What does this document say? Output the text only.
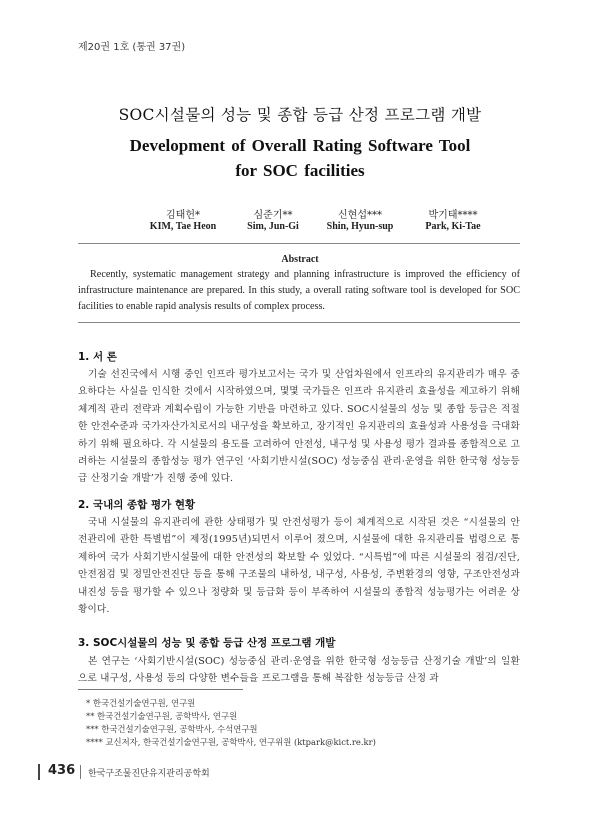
제20권 1호 (통권 37권)
SOC시설물의 성능 및 종합 등급 산정 프로그램 개발
Development of Overall Rating Software Tool
for SOC facilities
김태헌*
KIM, Tae Heon
심준기**
Sim, Jun-Gi
신현섭***
Shin, Hyun-sup
박기태****
Park, Ki-Tae
Abstract

Recently, systematic management strategy and planning infrastructure is improved the efficiency of infrastructure maintenance are prepared. In this study, a overall rating software tool is developed for SOC facilities to enable rapid analysis results of complex process.

1. 서 론

기술 선진국에서 시행 중인 인프라 평가보고서는 국가 및 산업차원에서 인프라의 유지관리가 매우 중요하다는 사실을 인식한 것에서 시작하였으며, 몇몇 국가들은 인프라 유지관리 효율성을 제고하기 위해 체계적 관리 전략과 계획수립이 가능한 기반을 마련하고 있다. SOC시설물의 성능 및 종합 등급은 적절한 안전수준과 국가자산가치로서의 내구성을 확보하고, 장기적인 유지관리의 효율성과 사용성을 극대화하기 위해 필요하다. 각 시설물의 용도를 고려하여 안전성, 내구성 및 사용성 평가 결과를 종합적으로 고려하는 시설물의 종합성능 평가 연구인 ‘사회기반시설(SOC) 성능중심 관리·운영을 위한 한국형 성능등급 산정기술 개발’가 진행 중에 있다.

2. 국내의 종합 평가 현황

국내 시설물의 유지관리에 관한 상태평가 및 안전성평가 등이 체계적으로 시작된 것은 “시설물의 안전관리에 관한 특별법”이 제정(1995년)되면서 이루어 졌으며, 시설물에 대한 유지관리를 법령으로 통제하여 국가 사회기반시설물에 대한 안전성의 확보할 수 있었다. “시특법”에 따른 시설물의 점검/진단, 안전점검 및 정밀안전진단 등을 통해 구조물의 내하성, 내구성, 사용성, 주변환경의 영향, 구조안전성과 내진성 등을 평가할 수 있으나 정량화 및 등급화 등이 부족하여 시설물의 종합적 성능평가는 어려운 상황이다.

3. SOC시설물의 성능 및 종합 등급 산정 프로그램 개발

본 연구는 ‘사회기반시설(SOC) 성능중심 관리·운영을 위한 한국형 성능등급 산정기술 개발’의 일환으로 내구성, 사용성 등의 다양한 변수들을 프로그램을 통해 복잡한 성능등급 산정 과

* 한국건설기술연구원, 연구원
** 한국건설기술연구원, 공학박사, 연구원
*** 한국건설기술연구원, 공학박사, 수석연구원
**** 교신저자, 한국건설기술연구원, 공학박사, 연구위원 (ktpark@kict.re.kr)
436 한국구조물진단유지관리공학회
